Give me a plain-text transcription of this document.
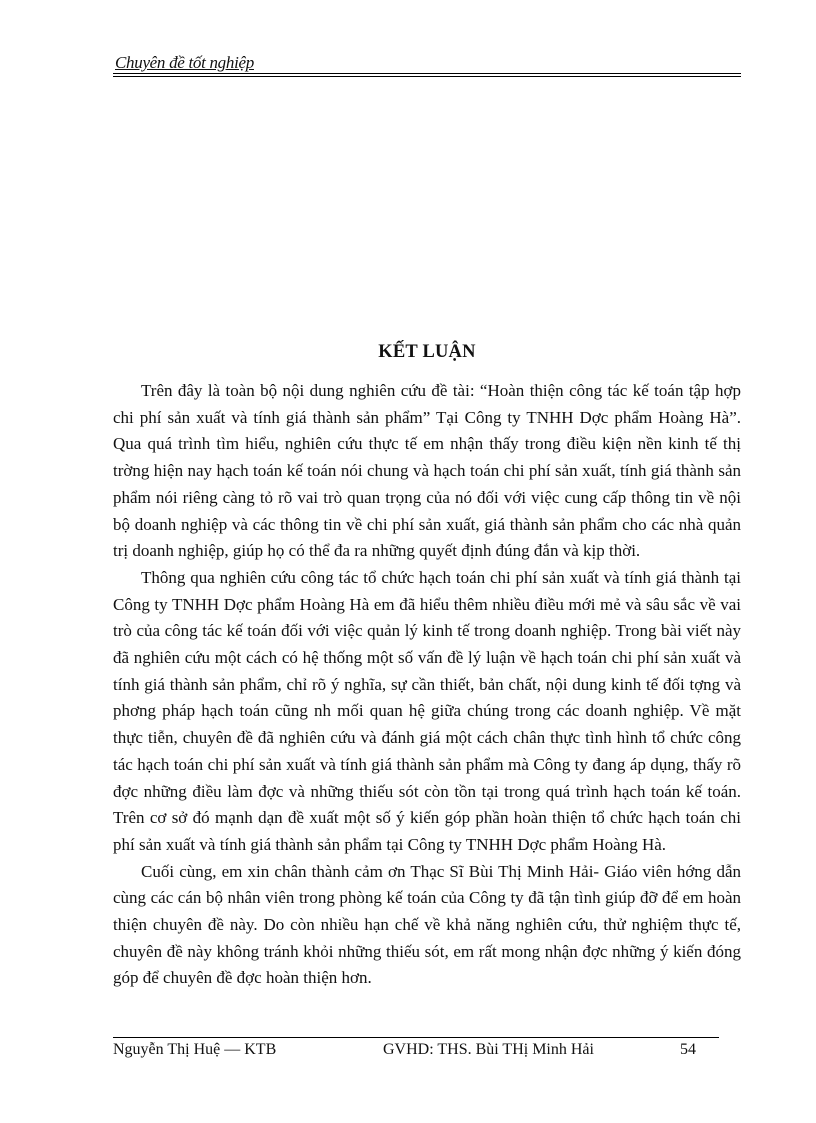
Chuyên đề tốt nghiệp
KẾT LUẬN

Trên đây là toàn bộ nội dung nghiên cứu đề tài: “Hoàn thiện công tác kế toán tập hợp chi phí sản xuất và tính giá thành sản phẩm” Tại Công ty TNHH Dợc phẩm Hoàng Hà”. Qua quá trình tìm hiểu, nghiên cứu thực tế em nhận thấy trong điều kiện nền kinh tế thị trờng hiện nay hạch toán kế toán nói chung và hạch toán chi phí sản xuất, tính giá thành sản phẩm nói riêng càng tỏ rõ vai trò quan trọng của nó đối với việc cung cấp thông tin về nội bộ doanh nghiệp và các thông tin về chi phí sản xuất, giá thành sản phẩm cho các nhà quản trị doanh nghiệp, giúp họ có thể đa ra những quyết định đúng đắn và kịp thời.

Thông qua nghiên cứu công tác tổ chức hạch toán chi phí sản xuất và tính giá thành tại Công ty TNHH Dợc phẩm Hoàng Hà em đã hiểu thêm nhiều điều mới mẻ và sâu sắc về vai trò của công tác kế toán đối với việc quản lý kinh tế trong doanh nghiệp. Trong bài viết này đã nghiên cứu một cách có hệ thống một số vấn đề lý luận về hạch toán chi phí sản xuất và tính giá thành sản phẩm, chỉ rõ ý nghĩa, sự cần thiết, bản chất, nội dung kinh tế đối tợng và phơng pháp hạch toán cũng nh mối quan hệ giữa chúng trong các doanh nghiệp. Về mặt thực tiễn, chuyên đề đã nghiên cứu và đánh giá một cách chân thực tình hình tổ chức công tác hạch toán chi phí sản xuất và tính giá thành sản phẩm mà Công ty đang áp dụng, thấy rõ đợc những điều làm đợc và những thiếu sót còn tồn tại trong quá trình hạch toán kế toán. Trên cơ sở đó mạnh dạn đề xuất một số ý kiến góp phần hoàn thiện tổ chức hạch toán chi phí sản xuất và tính giá thành sản phẩm tại Công ty TNHH Dợc phẩm Hoàng Hà.

Cuối cùng, em xin chân thành cảm ơn Thạc Sĩ Bùi Thị Minh Hải- Giáo viên hớng dẫn cùng các cán bộ nhân viên trong phòng kế toán của Công ty đã tận tình giúp đỡ để em hoàn thiện chuyên đề này. Do còn nhiều hạn chế về khả năng nghiên cứu, thử nghiệm thực tế, chuyên đề này không tránh khỏi những thiếu sót, em rất mong nhận đợc những ý kiến đóng góp để chuyên đề đợc hoàn thiện hơn.

Nguyễn Thị Huệ — KTB	GVHD: THS. Bùi THị Minh Hải	54
